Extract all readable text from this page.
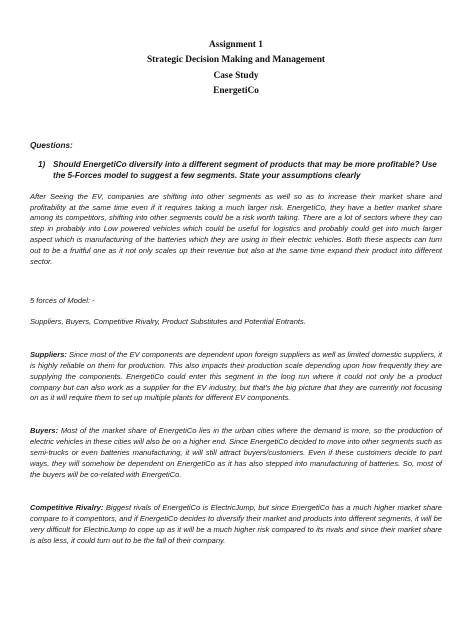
Assignment 1
Strategic Decision Making and Management
Case Study
EnergetiCo
Questions:
1) Should EnergetiCo diversify into a different segment of products that may be more profitable? Use the 5-Forces model to suggest a few segments. State your assumptions clearly

After Seeing the EV, companies are shifting into other segments as well so as to increase their market share and profitability at the same time even if it requires taking a much larger risk. EnergetiCo, they have a better market share among its competitors, shifting into other segments could be a risk worth taking. There are a lot of sectors where they can step in probably into Low powered vehicles which could be useful for logistics and probably could get into much larger aspect which is manufacturing of the batteries which they are using in their electric vehicles. Both these aspects can turn out to be a fruitful one as it not only scales up their revenue but also at the same time expand their product into different sector.

5 forces of Model: -

Suppliers, Buyers, Competitive Rivalry, Product Substitutes and Potential Entrants.

Suppliers: Since most of the EV components are dependent upon foreign suppliers as well as limited domestic suppliers, it is highly reliable on them for production. This also impacts their production scale depending upon how frequently they are supplying the components. EnergetiCo could enter this segment in the long run where it could not only be a product company but can also work as a supplier for the EV industry, but that's the big picture that they are currently not focusing on as it will require them to set up multiple plants for different EV components.

Buyers: Most of the market share of EnergetiCo lies in the urban cities where the demand is more, so the production of electric vehicles in these cities will also be on a higher end. Since EnergetiCo decided to move into other segments such as semi-trucks or even batteries manufacturing, it will still attract buyers/customers. Even if these customers decide to part ways, they will somehow be dependent on EnergetiCo as it has also stepped into manufacturing of batteries. So, most of the buyers will be co-related with EnergetiCo.

Competitive Rivalry: Biggest rivals of EnergetiCo is ElectricJump, but since EnergetiCo has a much higher market share compare to it competitors, and if EnergetiCo decides to diversify their market and products into different segments, it will be very difficult for ElectricJump to cope up as it will be a much higher risk compared to its rivals and since their market share is also less, it could turn out to be the fall of their company.
